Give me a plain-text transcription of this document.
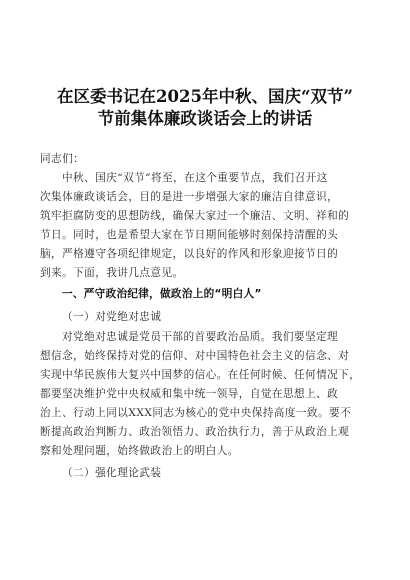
在区委书记在2025年中秋、国庆“双节”
节前集体廉政谈话会上的讲话
同志们：
中秋、国庆“双节”将至，在这个重要节点，我们召开这
次集体廉政谈话会，目的是进一步增强大家的廉洁自律意识，
筑牢拒腐防变的思想防线，确保大家过一个廉洁、文明、祥和的
节日。同时，也是希望大家在节日期间能够时刻保持清醒的头
脑，严格遵守各项纪律规定，以良好的作风和形象迎接节日的
到来。下面，我讲几点意见。
一、严守政治纪律，做政治上的“明白人”
（一）对党绝对忠诚
对党绝对忠诚是党员干部的首要政治品质。我们要坚定理
想信念，始终保持对党的信仰、对中国特色社会主义的信念、对
实现中华民族伟大复兴中国梦的信心。在任何时候、任何情况下，
都要坚决维护党中央权威和集中统一领导，自觉在思想上、政
治上、行动上同以XXX同志为核心的党中央保持高度一致。要不
断提高政治判断力、政治领悟力、政治执行力，善于从政治上观
察和处理问题，始终做政治上的明白人。
（二）强化理论武装
